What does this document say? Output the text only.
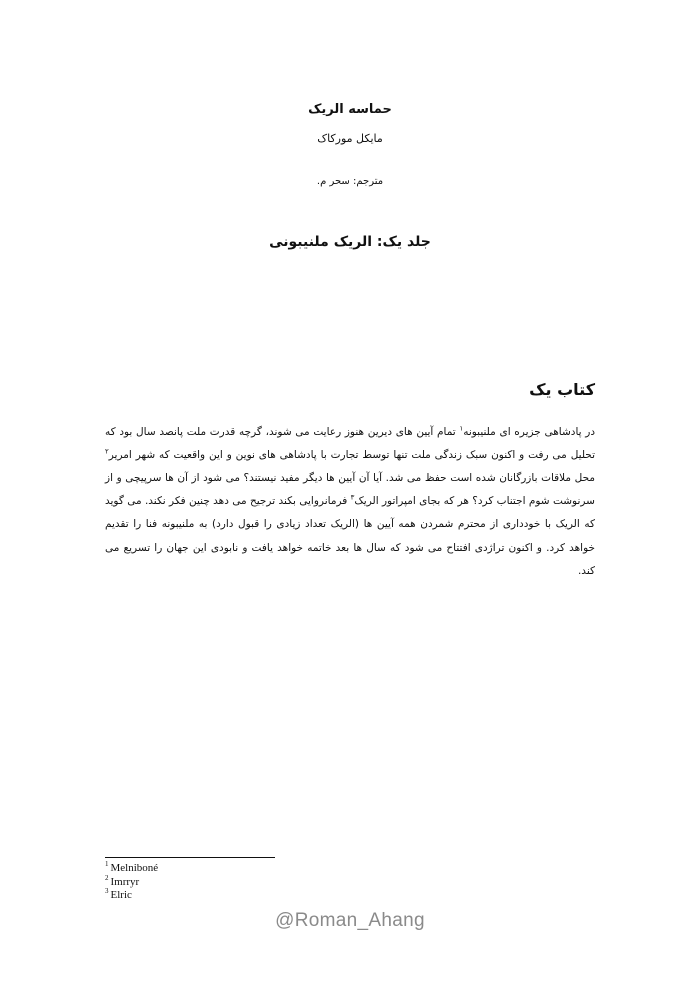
حماسه الریک
مایکل مورکاک
مترجم: سحر م.
جلد یک: الریک ملنیبونی
کتاب یک

در پادشاهی جزیره ای ملنیبونه$^۱$ تمام آیین های دیرین هنوز رعایت می شوند، گرچه قدرت ملت پانصد سال بود که تحلیل می رفت و اکنون سبک زندگی ملت تنها توسط تجارت با پادشاهی های نوین و این واقعیت که شهر امریر$^۲$ محل ملاقات بازرگانان شده است حفظ می شد. آیا آن آیین ها دیگر مفید نیستند؟ می شود از آن ها سرپیچی و از سرنوشت شوم اجتناب کرد؟ هر که بجای امپراتور الریک$^۳$ فرمانروایی بکند ترجیح می دهد چنین فکر نکند. می گوید که الریک با خودداری از محترم شمردن همه آیین ها (الریک تعداد زیادی را قبول دارد) به ملنیبونه فنا را تقدیم خواهد کرد. و اکنون تراژدی افتتاح می شود که سال ها بعد خاتمه خواهد یافت و نابودی این جهان را تسریع می کند.

$^1$ Melniboné
$^2$ Imrryr
$^3$ Elric
@Roman_Ahang
